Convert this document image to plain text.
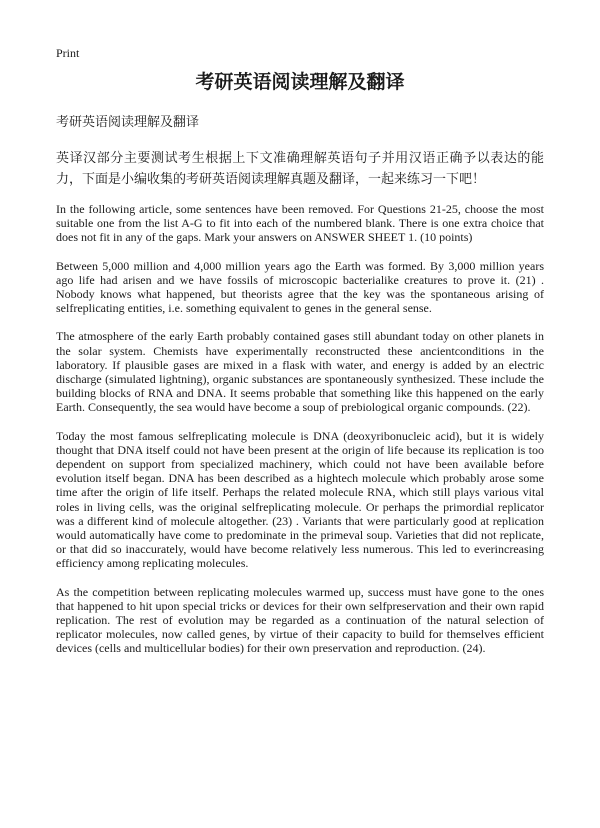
Print
考研英语阅读理解及翻译
考研英语阅读理解及翻译
英译汉部分主要测试考生根据上下文准确理解英语句子并用汉语正确予以表达的能力，下面是小编收集的考研英语阅读理解真题及翻译，一起来练习一下吧！
In the following article, some sentences have been removed. For Questions 21-25, choose the most suitable one from the list A-G to fit into each of the numbered blank. There is one extra choice that does not fit in any of the gaps. Mark your answers on ANSWER SHEET 1. (10 points)
Between 5,000 million and 4,000 million years ago the Earth was formed. By 3,000 million years ago life had arisen and we have fossils of microscopic bacterialike creatures to prove it. (21) . Nobody knows what happened, but theorists agree that the key was the spontaneous arising of selfreplicating entities, i.e. something equivalent to genes in the general sense.
The atmosphere of the early Earth probably contained gases still abundant today on other planets in the solar system. Chemists have experimentally reconstructed these ancientconditions in the laboratory. If plausible gases are mixed in a flask with water, and energy is added by an electric discharge (simulated lightning), organic substances are spontaneously synthesized. These include the building blocks of RNA and DNA. It seems probable that something like this happened on the early Earth. Consequently, the sea would have become a soup of prebiological organic compounds. (22).
Today the most famous selfreplicating molecule is DNA (deoxyribonucleic acid), but it is widely thought that DNA itself could not have been present at the origin of life because its replication is too dependent on support from specialized machinery, which could not have been available before evolution itself began. DNA has been described as a hightech molecule which probably arose some time after the origin of life itself. Perhaps the related molecule RNA, which still plays various vital roles in living cells, was the original selfreplicating molecule. Or perhaps the primordial replicator was a different kind of molecule altogether. (23) . Variants that were particularly good at replication would automatically have come to predominate in the primeval soup. Varieties that did not replicate, or that did so inaccurately, would have become relatively less numerous. This led to everincreasing efficiency among replicating molecules.
As the competition between replicating molecules warmed up, success must have gone to the ones that happened to hit upon special tricks or devices for their own selfpreservation and their own rapid replication. The rest of evolution may be regarded as a continuation of the natural selection of replicator molecules, now called genes, by virtue of their capacity to build for themselves efficient devices (cells and multicellular bodies) for their own preservation and reproduction. (24).
